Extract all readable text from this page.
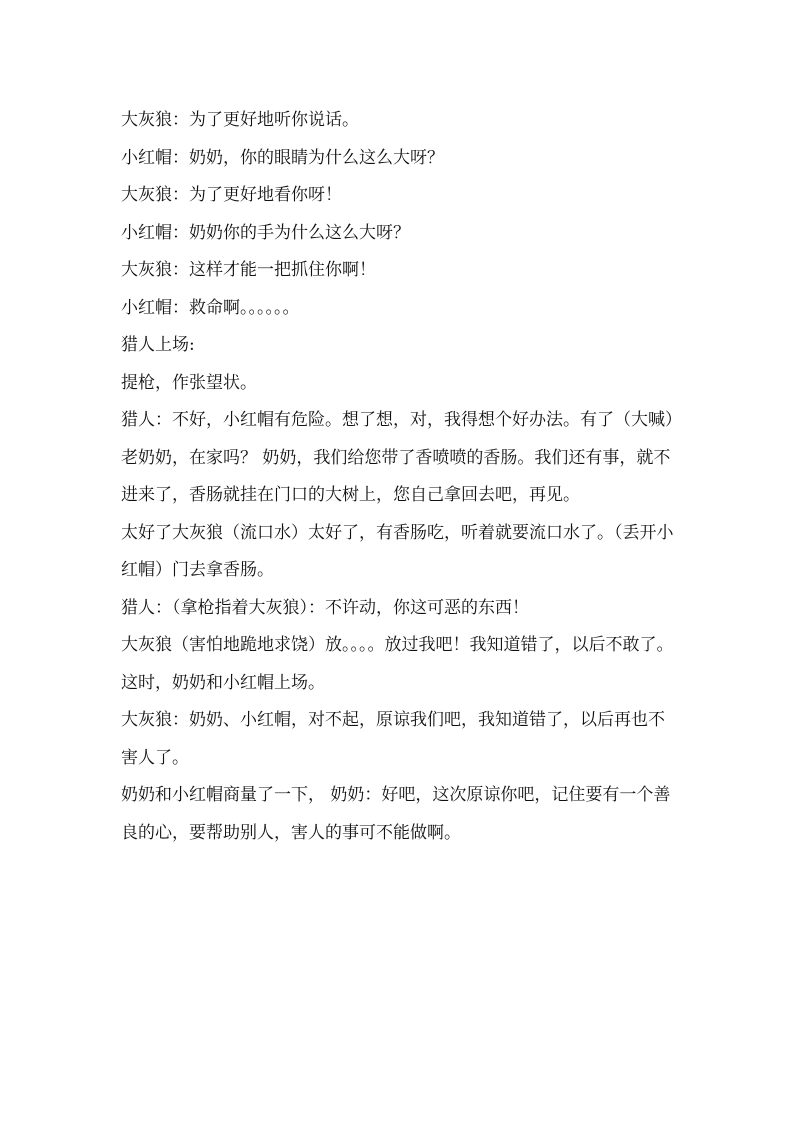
大灰狼：为了更好地听你说话。

小红帽：奶奶，你的眼睛为什么这么大呀？

大灰狼：为了更好地看你呀！

小红帽：奶奶你的手为什么这么大呀？

大灰狼：这样才能一把抓住你啊！

小红帽：救命啊。。。。。。

猎人上场:

提枪，作张望状。

猎人：不好，小红帽有危险。想了想，对，我得想个好办法。有了（大喊）老奶奶，在家吗？ 奶奶，我们给您带了香喷喷的香肠。我们还有事，就不进来了，香肠就挂在门口的大树上，您自己拿回去吧，再见。

太好了大灰狼（流口水）太好了，有香肠吃，听着就要流口水了。（丢开小红帽）门去拿香肠。

猎人：（拿枪指着大灰狼）：不许动，你这可恶的东西！

大灰狼（害怕地跪地求饶）放。。。。放过我吧！我知道错了，以后不敢了。

这时，奶奶和小红帽上场。

大灰狼：奶奶、小红帽，对不起，原谅我们吧，我知道错了，以后再也不害人了。

奶奶和小红帽商量了一下， 奶奶：好吧，这次原谅你吧，记住要有一个善良的心，要帮助别人，害人的事可不能做啊。
